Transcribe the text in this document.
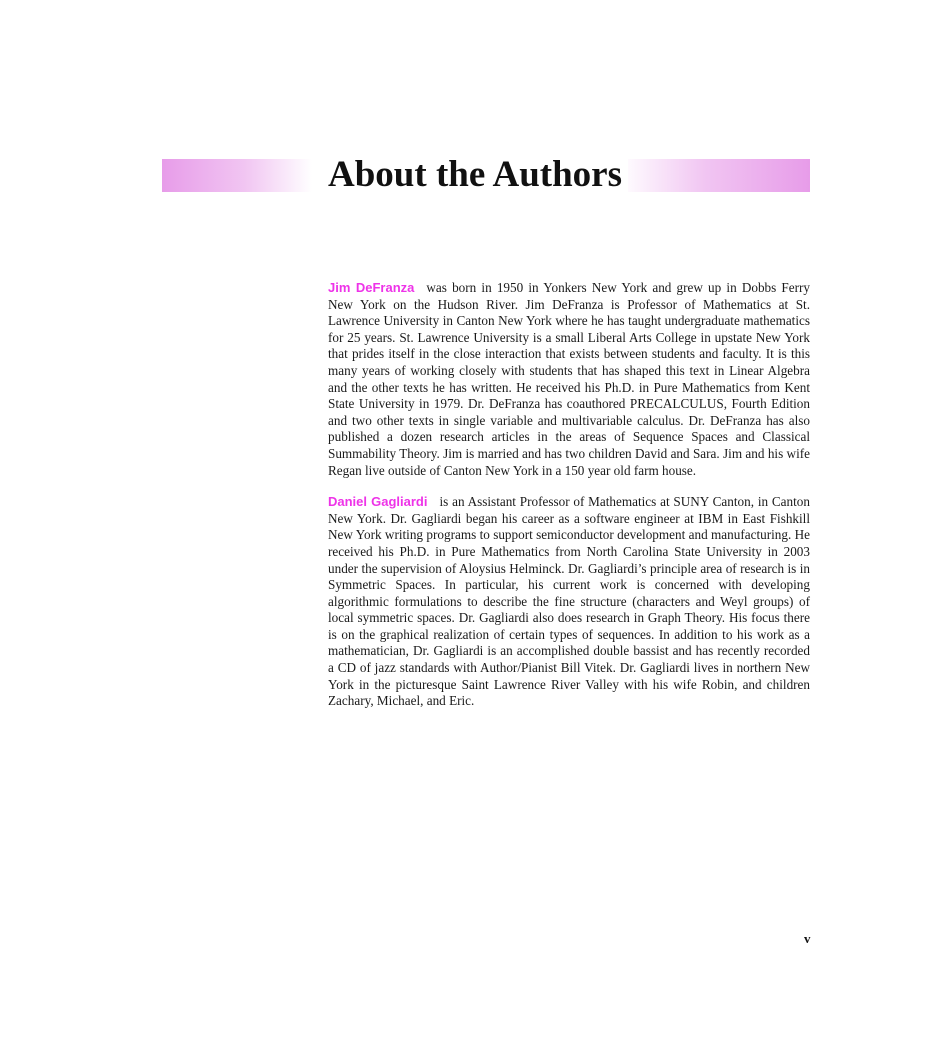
About the Authors

Jim DeFranza was born in 1950 in Yonkers New York and grew up in Dobbs Ferry New York on the Hudson River. Jim DeFranza is Professor of Mathematics at St. Lawrence University in Canton New York where he has taught undergraduate mathematics for 25 years. St. Lawrence University is a small Liberal Arts College in upstate New York that prides itself in the close interaction that exists between students and faculty. It is this many years of working closely with students that has shaped this text in Linear Algebra and the other texts he has written. He received his Ph.D. in Pure Mathematics from Kent State University in 1979. Dr. DeFranza has coauthored PRECALCULUS, Fourth Edition and two other texts in single variable and multivariable calculus. Dr. DeFranza has also published a dozen research articles in the areas of Sequence Spaces and Classical Summability Theory. Jim is married and has two children David and Sara. Jim and his wife Regan live outside of Canton New York in a 150 year old farm house.

Daniel Gagliardi is an Assistant Professor of Mathematics at SUNY Canton, in Canton New York. Dr. Gagliardi began his career as a software engineer at IBM in East Fishkill New York writing programs to support semiconductor development and manufacturing. He received his Ph.D. in Pure Mathematics from North Carolina State University in 2003 under the supervision of Aloysius Helminck. Dr. Gagliardi’s principle area of research is in Symmetric Spaces. In particular, his current work is concerned with developing algorithmic formulations to describe the fine structure (characters and Weyl groups) of local symmetric spaces. Dr. Gagliardi also does research in Graph Theory. His focus there is on the graphical realization of certain types of sequences. In addition to his work as a mathematician, Dr. Gagliardi is an accomplished double bassist and has recently recorded a CD of jazz standards with Author/Pianist Bill Vitek. Dr. Gagliardi lives in northern New York in the picturesque Saint Lawrence River Valley with his wife Robin, and children Zachary, Michael, and Eric.

v
